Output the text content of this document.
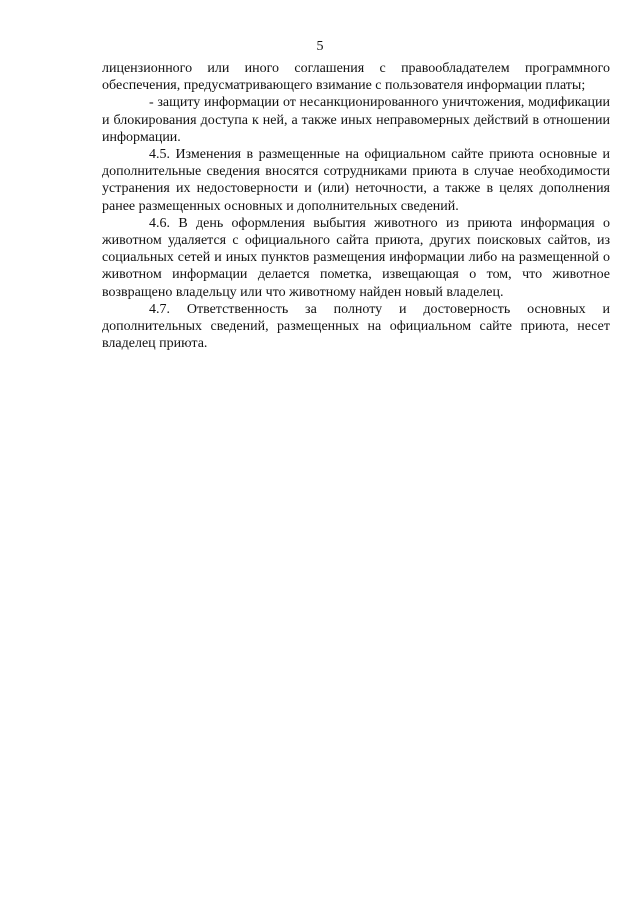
5

лицензионного или иного соглашения с правообладателем программного обеспечения, предусматривающего взимание с пользователя информации платы;

- защиту информации от несанкционированного уничтожения, модификации и блокирования доступа к ней, а также иных неправомерных действий в отношении информации.

4.5. Изменения в размещенные на официальном сайте приюта основные и дополнительные сведения вносятся сотрудниками приюта в случае необходимости устранения их недостоверности и (или) неточности, а также в целях дополнения ранее размещенных основных и дополнительных сведений.

4.6. В день оформления выбытия животного из приюта информация о животном удаляется с официального сайта приюта, других поисковых сайтов, из социальных сетей и иных пунктов размещения информации либо на размещенной о животном информации делается пометка, извещающая о том, что животное возвращено владельцу или что животному найден новый владелец.

4.7. Ответственность за полноту и достоверность основных и дополнительных сведений, размещенных на официальном сайте приюта, несет владелец приюта.
